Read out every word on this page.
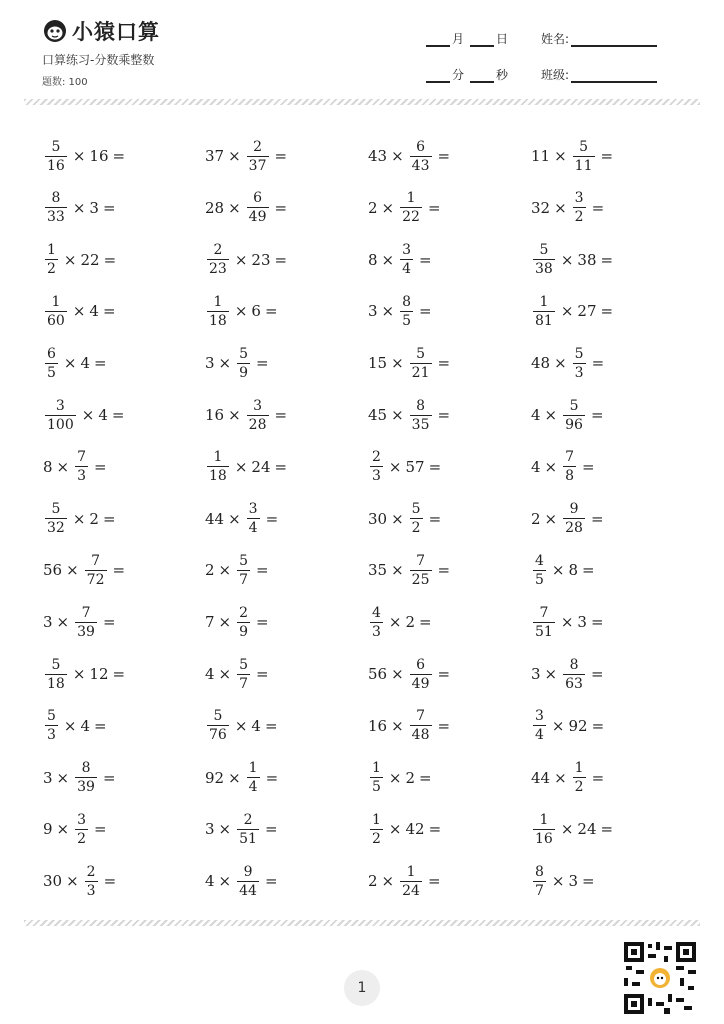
小猿口算
口算练习-分数乘整数
题数: 100
月	日	姓名:
分	秒	班级:
$\frac{5}{16} \times 16$ =	$37 \times \frac{2}{37}$ =	$43 \times \frac{6}{43}$ =	$11 \times \frac{5}{11}$ =
$\frac{8}{33} \times 3$ =	$28 \times \frac{6}{49}$ =	$2 \times \frac{1}{22}$ =	$32 \times \frac{3}{2}$ =
$\frac{1}{2} \times 22$ =	$\frac{2}{23} \times 23$ =	$8 \times \frac{3}{4}$ =	$\frac{5}{38} \times 38$ =
$\frac{1}{60} \times 4$ =	$\frac{1}{18} \times 6$ =	$3 \times \frac{8}{5}$ =	$\frac{1}{81} \times 27$ =
$\frac{6}{5} \times 4$ =	$3 \times \frac{5}{9}$ =	$15 \times \frac{5}{21}$ =	$48 \times \frac{5}{3}$ =
$\frac{3}{100} \times 4$ =	$16 \times \frac{3}{28}$ =	$45 \times \frac{8}{35}$ =	$4 \times \frac{5}{96}$ =
$8 \times \frac{7}{3}$ =	$\frac{1}{18} \times 24$ =	$\frac{2}{3} \times 57$ =	$4 \times \frac{7}{8}$ =
$\frac{5}{32} \times 2$ =	$44 \times \frac{3}{4}$ =	$30 \times \frac{5}{2}$ =	$2 \times \frac{9}{28}$ =
$56 \times \frac{7}{72}$ =	$2 \times \frac{5}{7}$ =	$35 \times \frac{7}{25}$ =	$\frac{4}{5} \times 8$ =
$3 \times \frac{7}{39}$ =	$7 \times \frac{2}{9}$ =	$\frac{4}{3} \times 2$ =	$\frac{7}{51} \times 3$ =
$\frac{5}{18} \times 12$ =	$4 \times \frac{5}{7}$ =	$56 \times \frac{6}{49}$ =	$3 \times \frac{8}{63}$ =
$\frac{5}{3} \times 4$ =	$\frac{5}{76} \times 4$ =	$16 \times \frac{7}{48}$ =	$\frac{3}{4} \times 92$ =
$3 \times \frac{8}{39}$ =	$92 \times \frac{1}{4}$ =	$\frac{1}{5} \times 2$ =	$44 \times \frac{1}{2}$ =
$9 \times \frac{3}{2}$ =	$3 \times \frac{2}{51}$ =	$\frac{1}{2} \times 42$ =	$\frac{1}{16} \times 24$ =
$30 \times \frac{2}{3}$ =	$4 \times \frac{9}{44}$ =	$2 \times \frac{1}{24}$ =	$\frac{8}{7} \times 3$ =
1
